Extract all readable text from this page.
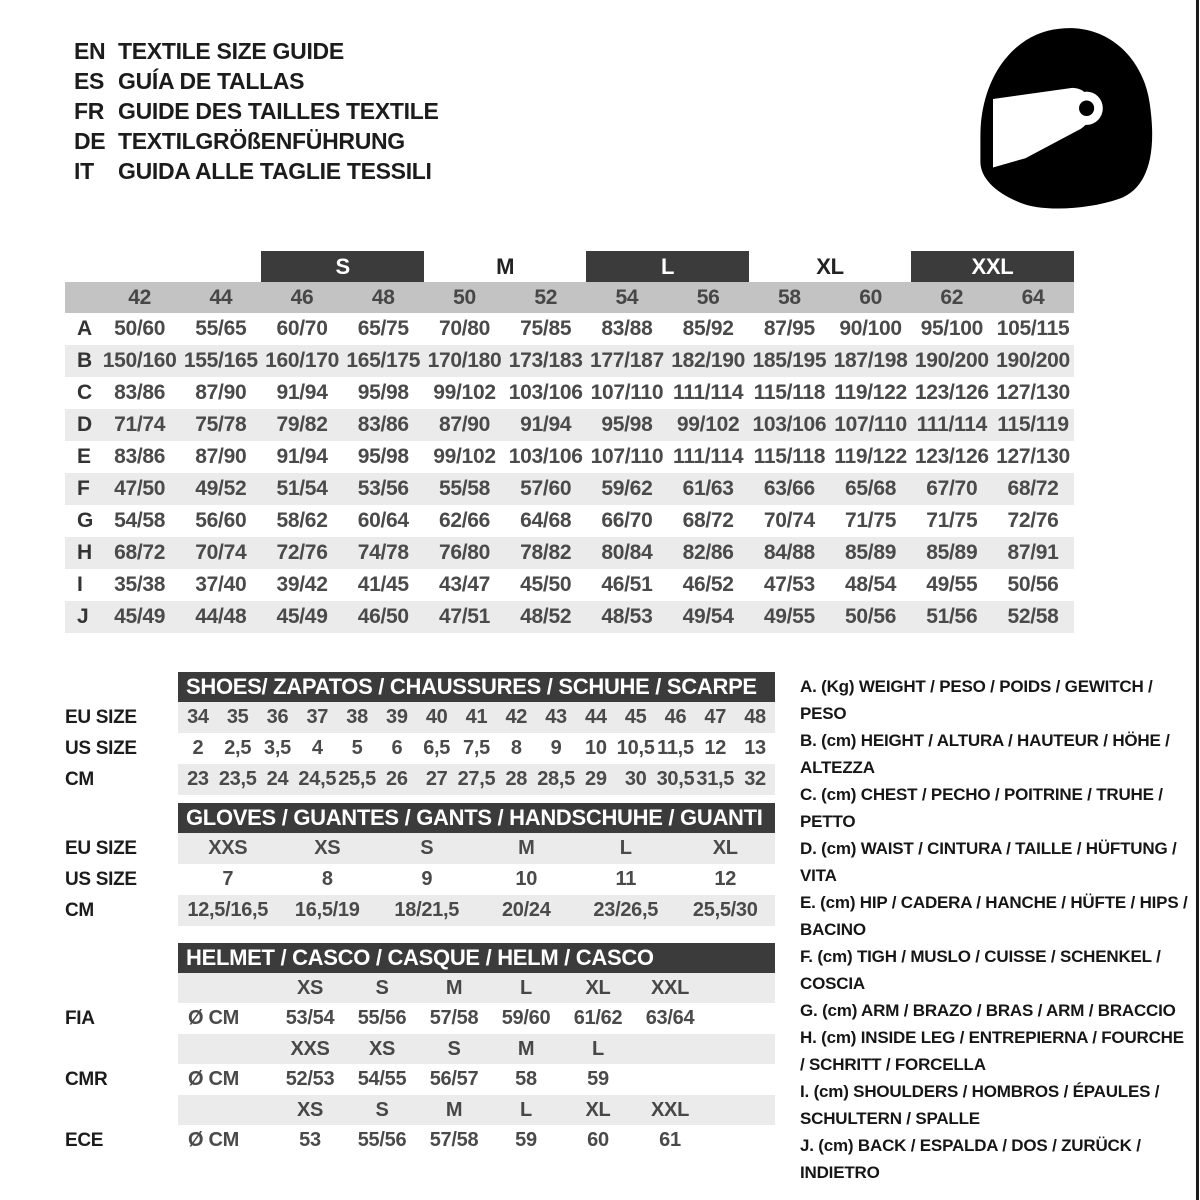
EN TEXTILE SIZE GUIDE
ES GUÍA DE TALLAS
FR GUIDE DES TAILLES TEXTILE
DE TEXTILGRÖßENFÜHRUNG
IT	GUIDA ALLE TAGLIE TESSILI
			S		M		L		XL		XXL		
	42	44	46	48	50	52	54	56	58	60	62	64	
A	50/60	55/65	60/70	65/75	70/80	75/85	83/88	85/92	87/95	90/100	95/100	105/115	
B	150/160	155/165	160/170	165/175	170/180	173/183	177/187	182/190	185/195	187/198	190/200	190/200	
C	83/86	87/90	91/94	95/98	99/102	103/106	107/110	111/114	115/118	119/122	123/126	127/130	
D	71/74	75/78	79/82	83/86	87/90	91/94	95/98	99/102	103/106	107/110	111/114	115/119	
E	83/86	87/90	91/94	95/98	99/102	103/106	107/110	111/114	115/118	119/122	123/126	127/130	
F	47/50	49/52	51/54	53/56	55/58	57/60	59/62	61/63	63/66	65/68	67/70	68/72	
G	54/58	56/60	58/62	60/64	62/66	64/68	66/70	68/72	70/74	71/75	71/75	72/76	
H	68/72	70/74	72/76	74/78	76/80	78/82	80/84	82/86	84/88	85/89	85/89	87/91	
I	35/38	37/40	39/42	41/45	43/47	45/50	46/51	46/52	47/53	48/54	49/55	50/56	
J	45/49	44/48	45/49	46/50	47/51	48/52	48/53	49/54	49/55	50/56	51/56	52/58	
SHOES/ ZAPATOS / CHAUSSURES / SCHUHE / SCARPE
EU SIZE	34 35 36 37 38 39 40 41 42 43 44 45 46 47 48
US SIZE	2	2,5 3,5	4	5	6	6,5 7,5	8	9	10 10,5 11,5 12 13
CM	23 23,5 24 24,5 25,5 26 27 27,5 28 28,5 29 30 30,5 31,5 32
GLOVES / GUANTES / GANTS / HANDSCHUHE / GUANTI
EU SIZE	XXS	XS	S	M	L	XL
US SIZE	7	8	9	10	11	12
CM	12,5/16,5	16,5/19	18/21,5	20/24	23/26,5	25,5/30
HELMET / CASCO / CASQUE / HELM / CASCO
XS	S	M	L	XL	XXL
FIA	Ø CM	53/54	55/56	57/58	59/60	61/62	63/64
XXS	XS	S	M	L
CMR	Ø CM	52/53	54/55	56/57	58	59
XS	S	M	L	XL	XXL
ECE	Ø CM	53	55/56	57/58	59	60	61
A. (Kg) WEIGHT / PESO / POIDS / GEWITCH / PESO
B. (cm) HEIGHT / ALTURA / HAUTEUR / HÖHE / ALTEZZA
C. (cm) CHEST / PECHO / POITRINE / TRUHE / PETTO
D. (cm) WAIST / CINTURA / TAILLE / HÜFTUNG / VITA
E. (cm) HIP / CADERA / HANCHE / HÜFTE / HIPS / BACINO
F. (cm) TIGH / MUSLO / CUISSE / SCHENKEL / COSCIA
G. (cm) ARM / BRAZO / BRAS / ARM / BRACCIO
H. (cm) INSIDE LEG / ENTREPIERNA / FOURCHE / SCHRITT / FORCELLA
I. (cm) SHOULDERS / HOMBROS / ÉPAULES / SCHULTERN / SPALLE
J. (cm) BACK / ESPALDA / DOS / ZURÜCK / INDIETRO
